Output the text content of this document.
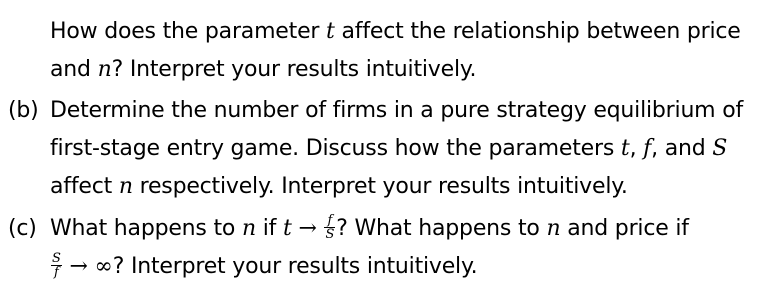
How does the parameter t affect the relationship between price
and n? Interpret your results intuitively.
(b) Determine the number of firms in a pure strategy equilibrium of
first-stage entry game. Discuss how the parameters t, f, and S
affect n respectively. Interpret your results intuitively.
(c) What happens to n if $t \to \frac{f}{S}$ ? What happens to n and price if
$\frac{S}{f}$ → ∞? Interpret your results intuitively.
